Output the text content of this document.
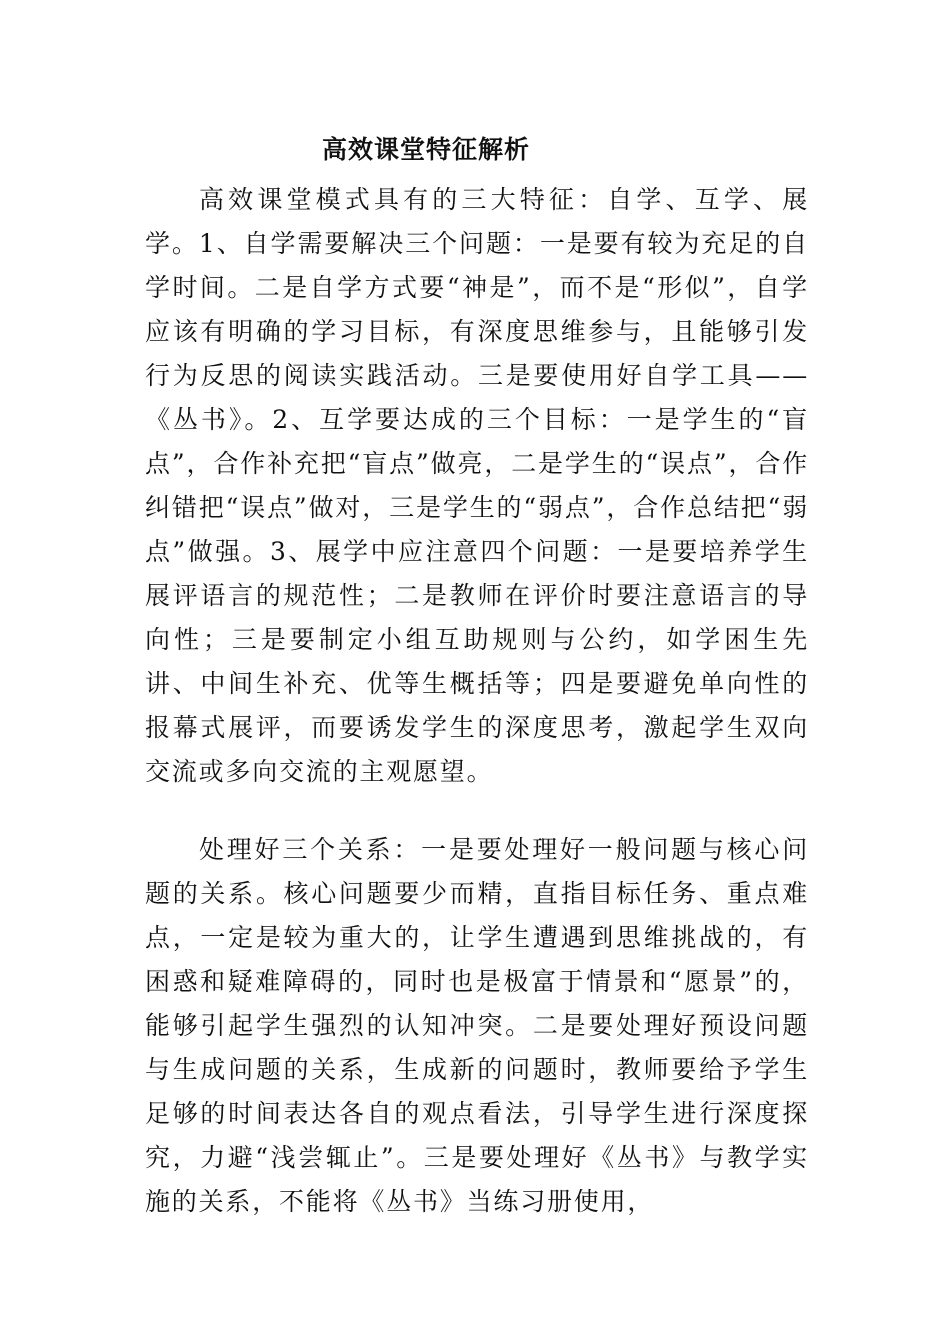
高效课堂特征解析

高效课堂模式具有的三大特征：自学、互学、展学。1、自学需要解决三个问题：一是要有较为充足的自学时间。二是自学方式要“神是”，而不是“形似”，自学应该有明确的学习目标，有深度思维参与，且能够引发行为反思的阅读实践活动。三是要使用好自学工具——《丛书》。2、互学要达成的三个目标：一是学生的“盲点”，合作补充把“盲点”做亮，二是学生的“误点”，合作纠错把“误点”做对，三是学生的“弱点”，合作总结把“弱点”做强。3、展学中应注意四个问题：一是要培养学生展评语言的规范性；二是教师在评价时要注意语言的导向性；三是要制定小组互助规则与公约，如学困生先讲、中间生补充、优等生概括等；四是要避免单向性的报幕式展评，而要诱发学生的深度思考，激起学生双向交流或多向交流的主观愿望。

处理好三个关系：一是要处理好一般问题与核心问题的关系。核心问题要少而精，直指目标任务、重点难点，一定是较为重大的，让学生遭遇到思维挑战的，有困惑和疑难障碍的，同时也是极富于情景和“愿景”的，能够引起学生强烈的认知冲突。二是要处理好预设问题与生成问题的关系，生成新的问题时，教师要给予学生足够的时间表达各自的观点看法，引导学生进行深度探究，力避“浅尝辄止”。三是要处理好《丛书》与教学实施的关系，不能将《丛书》当练习册使用，
